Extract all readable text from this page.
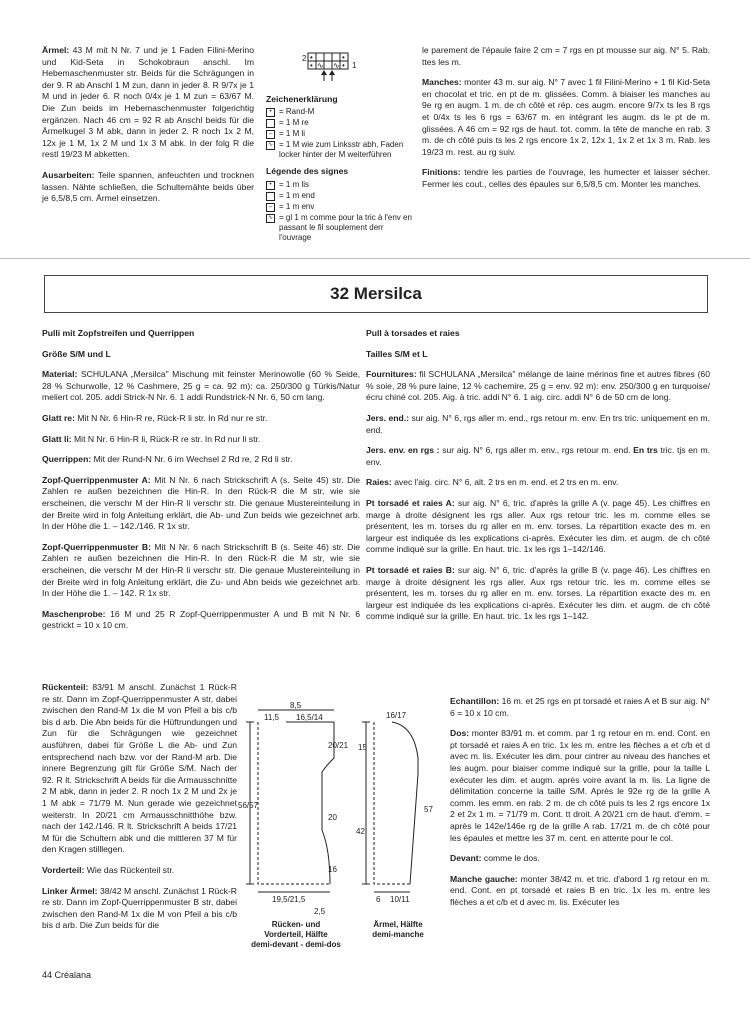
Ärmel: 43 M mit N Nr. 7 und je 1 Faden Filini-Merino und Kid-Seta in Schokobraun anschl. Im Hebemaschenmuster str. Beids für die Schrägungen in der 9. R ab Anschl 1 M zun, dann in jeder 8. R 9/7x je 1 M und in jeder 6. R noch 0/4x je 1 M zun = 63/67 M. Die Zun beids im Hebemaschenmuster folgerichtig ergänzen. Nach 46 cm = 92 R ab Anschl beids für die Ärmelkugel 3 M abk, dann in jeder 2. R noch 1x 2 M, 12x je 1 M, 1x 2 M und 1x 3 M abk. In der folg R die restl 19/23 M abketten.

Ausarbeiten: Teile spannen, anfeuchten und trocknen lassen. Nähte schließen, die Schulternähte beids über je 6,5/8,5 cm. Ärmel einsetzen.

2 •	•
•	•
∿ ∿ 1
Zeichenerklärung
•
= Rand-M
= 1 M re
–
= 1 M li
∿
= 1 M wie zum Linksstr abh, Faden locker hinter der M weiterführen
Légende des signes
•
= 1 m lis
= 1 m end
–
= 1 m env
∿
= gl 1 m comme pour la tric à l'env en passant le fil souplement derr l'ouvrage

le parement de l'épaule faire 2 cm = 7 rgs en pt mousse sur aig. N° 5. Rab. ttes les m.

Manches: monter 43 m. sur aig. N° 7 avec 1 fil Filini-Merino + 1 fil Kid-Seta en chocolat et tric. en pt de m. glissées. Comm. à biaiser les manches au 9e rg en augm. 1 m. de ch côté et rép. ces augm. encore 9/7x ts les 8 rgs et 0/4x ts les 6 rgs = 63/67 m. en intégrant les augm. ds le pt de m. glissées. A 46 cm = 92 rgs de haut. tot. comm. la tête de manche en rab. 3 m. de ch côté puis ts les 2 rgs encore 1x 2, 12x 1, 1x 2 et 1x 3 m. Rab. les 19/23 m. rest. au rg suiv.

Finitions: tendre les parties de l'ouvrage, les humecter et laisser sécher. Fermer les cout., celles des épaules sur 6,5/8,5 cm. Monter les manches.

32 Mersilca

Pulli mit Zopfstreifen und Querrippen

Größe S/M und L

Material: SCHULANA „Mersilca" Mischung mit feinster Merinowolle (60 % Seide, 28 % Schurwolle, 12 % Cashmere, 25 g = ca. 92 m): ca. 250/300 g Türkis/Natur meliert col. 205. addi Strick-N Nr. 6. 1 addi Rundstrick-N Nr. 6, 50 cm lang.

Glatt re: Mit N Nr. 6 Hin-R re, Rück-R li str. In Rd nur re str.

Glatt li: Mit N Nr. 6 Hin-R li, Rück-R re str. In Rd nur li str.

Querrippen: Mit der Rund-N Nr. 6 im Wechsel 2 Rd re, 2 Rd li str.

Zopf-Querrippenmuster A: Mit N Nr. 6 nach Strickschrift A (s. Seite 45) str. Die Zahlen re außen bezeichnen die Hin-R. In den Rück-R die M str, wie sie erscheinen, die verschr M der Hin-R li verschr str. Die genaue Mustereinteilung in der Breite wird in folg Anleitung erklärt, die Ab- und Zun beids wie gezeichnet arb. In der Höhe die 1. – 142./146. R 1x str.

Zopf-Querrippenmuster B: Mit N Nr. 6 nach Strickschrift B (s. Seite 46) str. Die Zahlen re außen bezeichnen die Hin-R. In den Rück-R die M str, wie sie erscheinen, die verschr M der Hin-R li verschr str. Die genaue Mustereinteilung in der Breite wird in folg Anleitung erklärt, die Zu- und Abn beids wie gezeichnet arb. In der Höhe die 1. – 142. R 1x str.

Maschenprobe: 16 M und 25 R Zopf-Querrippenmuster A und B mit N Nr. 6 gestrickt = 10 x 10 cm.

Rückenteil: 83/91 M anschl. Zunächst 1 Rück-R re str. Dann im Zopf-Querrippenmuster A str, dabei zwischen den Rand-M 1x die M von Pfeil a bis c/b bis d arb. Die Abn beids für die Hüftrundungen und Zun für die Schrägungen wie gezeichnet ausführen, dabei für Größe L die Ab- und Zun entsprechend nach bzw. vor der Rand-M arb. Die innere Begrenzung gilt für Größe S/M. Nach der 92. R lt. Strickschrift A beids für die Armausschnitte 2 M abk, dann in jeder 2. R noch 1x 2 M und 2x je 1 M abk = 71/79 M. Nun gerade wie gezeichnet weiterstr. In 20/21 cm Armausschnitthöhe bzw. nach der 142./146. R lt. Strickschrift A beids 17/21 M für die Schultern abk und die mittleren 37 M für den Kragen stilllegen.

Vorderteil: Wie das Rückenteil str.

Linker Ärmel: 38/42 M anschl. Zunächst 1 Rück-R re str. Dann im Zopf-Querrippenmuster B str, dabei zwischen den Rand-M 1x die M von Pfeil a bis c/b bis d arb. Die Zun beids für die

Pull à torsades et raies

Tailles S/M et L

Fournitures: fil SCHULANA „Mersilca" mélange de laine mérinos fine et autres fibres (60 % soie, 28 % pure laine, 12 % cachemire, 25 g = env. 92 m): env. 250/300 g en turquoise/écru chiné col. 205. Aig. à tric. addi N° 6. 1 aig. circ. addi N° 6 de 50 cm de long.

Jers. end.: sur aig. N° 6, rgs aller m. end., rgs retour m. env. En trs tric. uniquement en m. end.

Jers. env. en rgs : sur aig. N° 6, rgs aller m. env., rgs retour m. end. En trs tric. tjs en m. env.

Raies: avec l'aig. circ. N° 6, alt. 2 trs en m. end. et 2 trs en m. env.

Pt torsadé et raies A: sur aig. N° 6, tric. d'après la grille A (v. page 45). Les chiffres en marge à droite désignent les rgs aller. Aux rgs retour tric. les m. comme elles se présentent, les m. torses du rg aller en m. env. torses. La répartition exacte des m. en largeur est indiquée ds les explications ci-après. Exécuter les dim. et augm. de ch côté comme indiqué sur la grille. En haut. tric. 1x les rgs 1–142/146.

Pt torsadé et raies B: sur aig. N° 6, tric. d'après la grille B (v. page 46). Les chiffres en marge à droite désignent les rgs aller. Aux rgs retour tric. les m. comme elles se présentent, les m. torses du rg aller en m. env. torses. La répartition exacte des m. en largeur est indiquée ds les explications ci-après. Exécuter les dim. et augm. de ch côté comme indiqué sur la grille. En haut. tric. 1x les rgs 1–142.

Echantillon: 16 m. et 25 rgs en pt torsadé et raies A et B sur aig. N° 6 = 10 x 10 cm.

Dos: monter 83/91 m. et comm. par 1 rg retour en m. end. Cont. en pt torsadé et raies A en tric. 1x les m. entre les flèches a et c/b et d avec m. lis. Exécuter les dim. pour cintrer au niveau des hanches et les augm. pour biaiser comme indiqué sur la grille, pour la taille L exécuter les dim. et augm. après voire avant la m. lis. La ligne de délimitation concerne la taille S/M. Après le 92e rg de la grille A comm. les emm. en rab. 2 m. de ch côté puis ts les 2 rgs encore 1x 2 et 2x 1 m. = 71/79 m. Cont. tt droit. A 20/21 cm de haut. d'emm. = après le 142e/146e rg de la grille A rab. 17/21 m. de ch côté pour les épaules et mettre les 37 m. cent. en attente pour le col.

Devant: comme le dos.

Manche gauche: monter 38/42 m. et tric. d'abord 1 rg retour en m. end. Cont. en pt torsadé et raies B en tric. 1x les m. entre les flèches a et c/b et d avec m. lis. Exécuter les

8,5
11,5 16,5/14
20/21
56/57
20
16
19,5/21,5
2,5
Rücken- und
Vorderteil, Hälfte
demi-devant - demi-dos
16/17
15
57
42
6 10/11
Ärmel, Hälfte
demi-manche
44 Créalana
